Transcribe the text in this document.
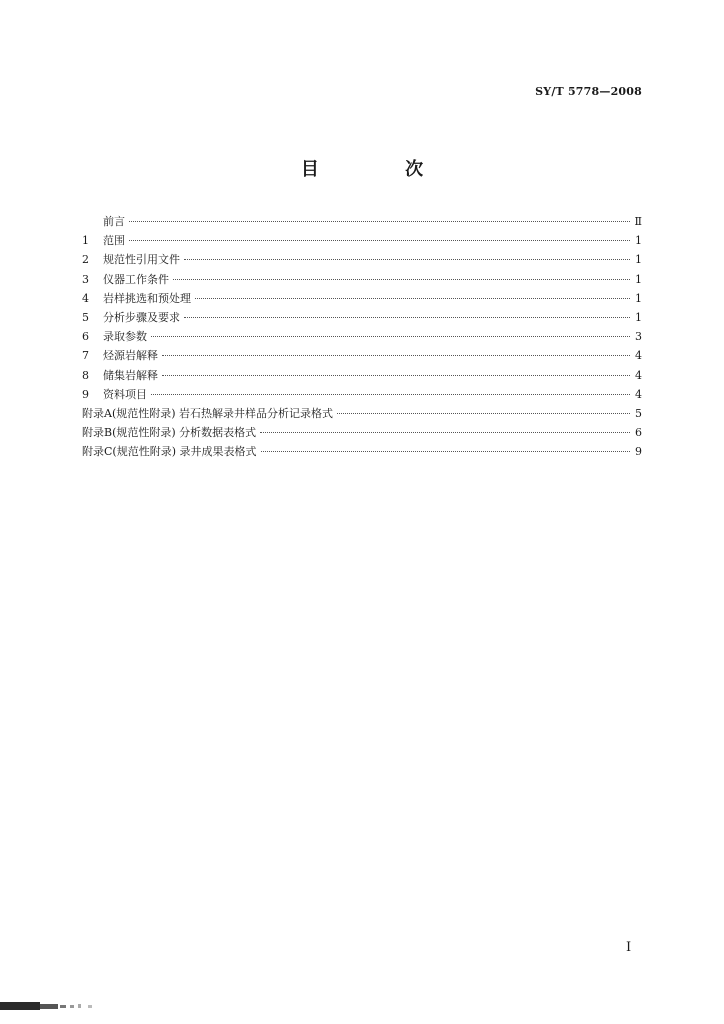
SY/T 5778—2008
目 次
前言	Ⅱ
1 范围	1
2 规范性引用文件	1
3 仪器工作条件	1
4 岩样挑选和预处理	1
5 分析步骤及要求	1
6 录取参数	3
7 烃源岩解释	4
8 储集岩解释	4
9 资料项目	4
附录A(规范性附录) 岩石热解录井样品分析记录格式	5
附录B(规范性附录) 分析数据表格式	6
附录C(规范性附录) 录井成果表格式	9
I
